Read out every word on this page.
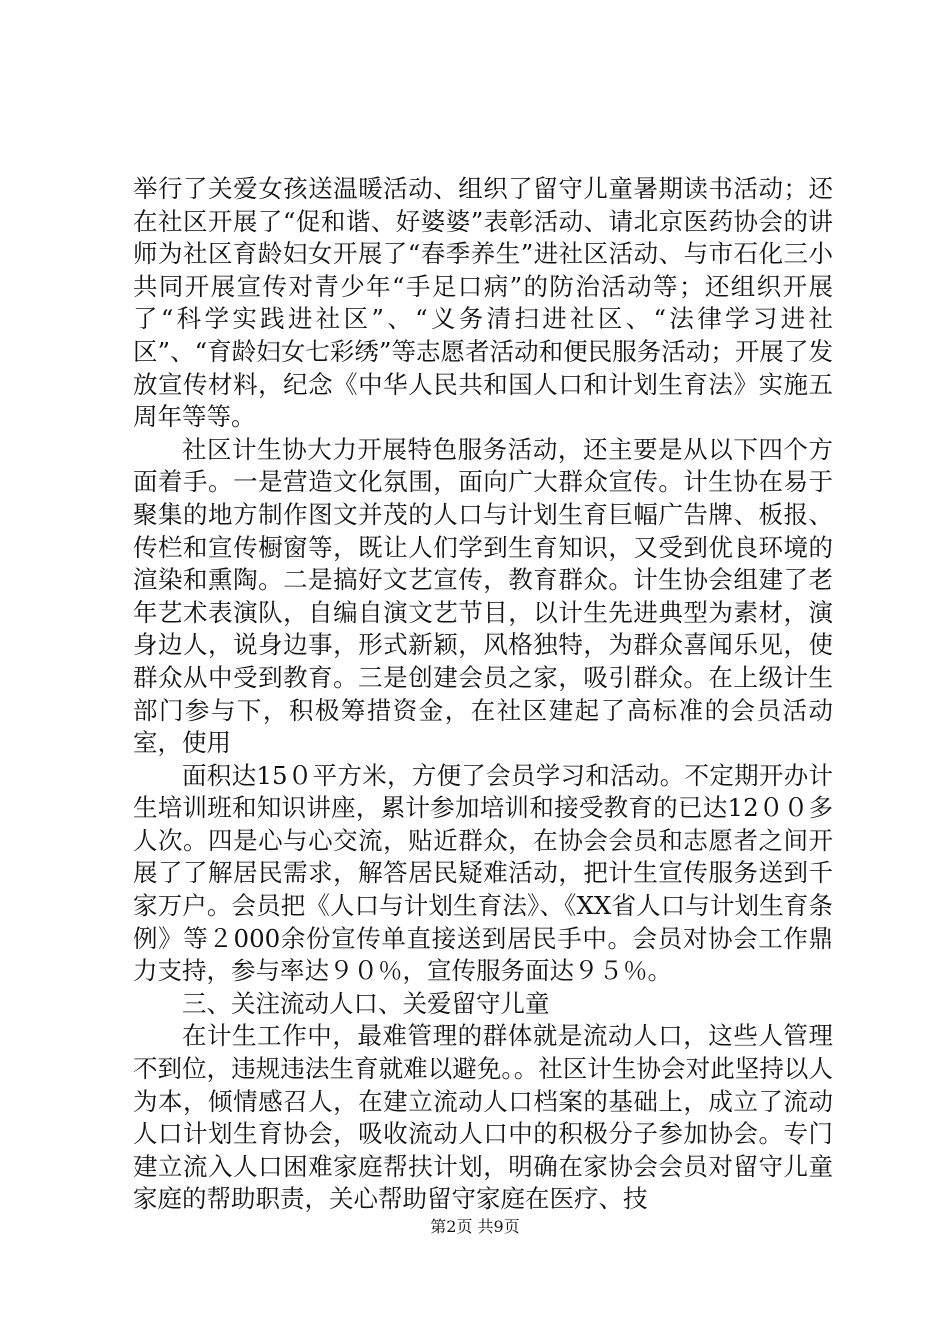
举行了关爱女孩送温暖活动、组织了留守儿童暑期读书活动；还在社区开展了“促和谐、好婆婆”表彰活动、请北京医药协会的讲师为社区育龄妇女开展了“春季养生”进社区活动、与市石化三小共同开展宣传对青少年“手足口病”的防治活动等；还组织开展了“科学实践进社区”、“义务清扫进社区、“法律学习进社区”、“育龄妇女七彩绣”等志愿者活动和便民服务活动；开展了发放宣传材料，纪念《中华人民共和国人口和计划生育法》实施五周年等等。

社区计生协大力开展特色服务活动，还主要是从以下四个方面着手。一是营造文化氛围，面向广大群众宣传。计生协在易于聚集的地方制作图文并茂的人口与计划生育巨幅广告牌、板报、传栏和宣传橱窗等，既让人们学到生育知识，又受到优良环境的渲染和熏陶。二是搞好文艺宣传，教育群众。计生协会组建了老年艺术表演队，自编自演文艺节目，以计生先进典型为素材，演身边人，说身边事，形式新颖，风格独特，为群众喜闻乐见，使群众从中受到教育。三是创建会员之家，吸引群众。在上级计生部门参与下，积极筹措资金，在社区建起了高标准的会员活动室，使用

面积达15０平方米，方便了会员学习和活动。不定期开办计生培训班和知识讲座，累计参加培训和接受教育的已达12００多人次。四是心与心交流，贴近群众，在协会会员和志愿者之间开展了了解居民需求，解答居民疑难活动，把计生宣传服务送到千家万户。会员把《人口与计划生育法》、《XX省人口与计划生育条例》等２000余份宣传单直接送到居民手中。会员对协会工作鼎力支持，参与率达９０％，宣传服务面达９５％。

三、关注流动人口、关爱留守儿童

在计生工作中，最难管理的群体就是流动人口，这些人管理不到位，违规违法生育就难以避免。。社区计生协会对此坚持以人为本，倾情感召人，在建立流动人口档案的基础上，成立了流动人口计划生育协会，吸收流动人口中的积极分子参加协会。专门建立流入人口困难家庭帮扶计划，明确在家协会会员对留守儿童家庭的帮助职责，关心帮助留守家庭在医疗、技

第2页 共9页
